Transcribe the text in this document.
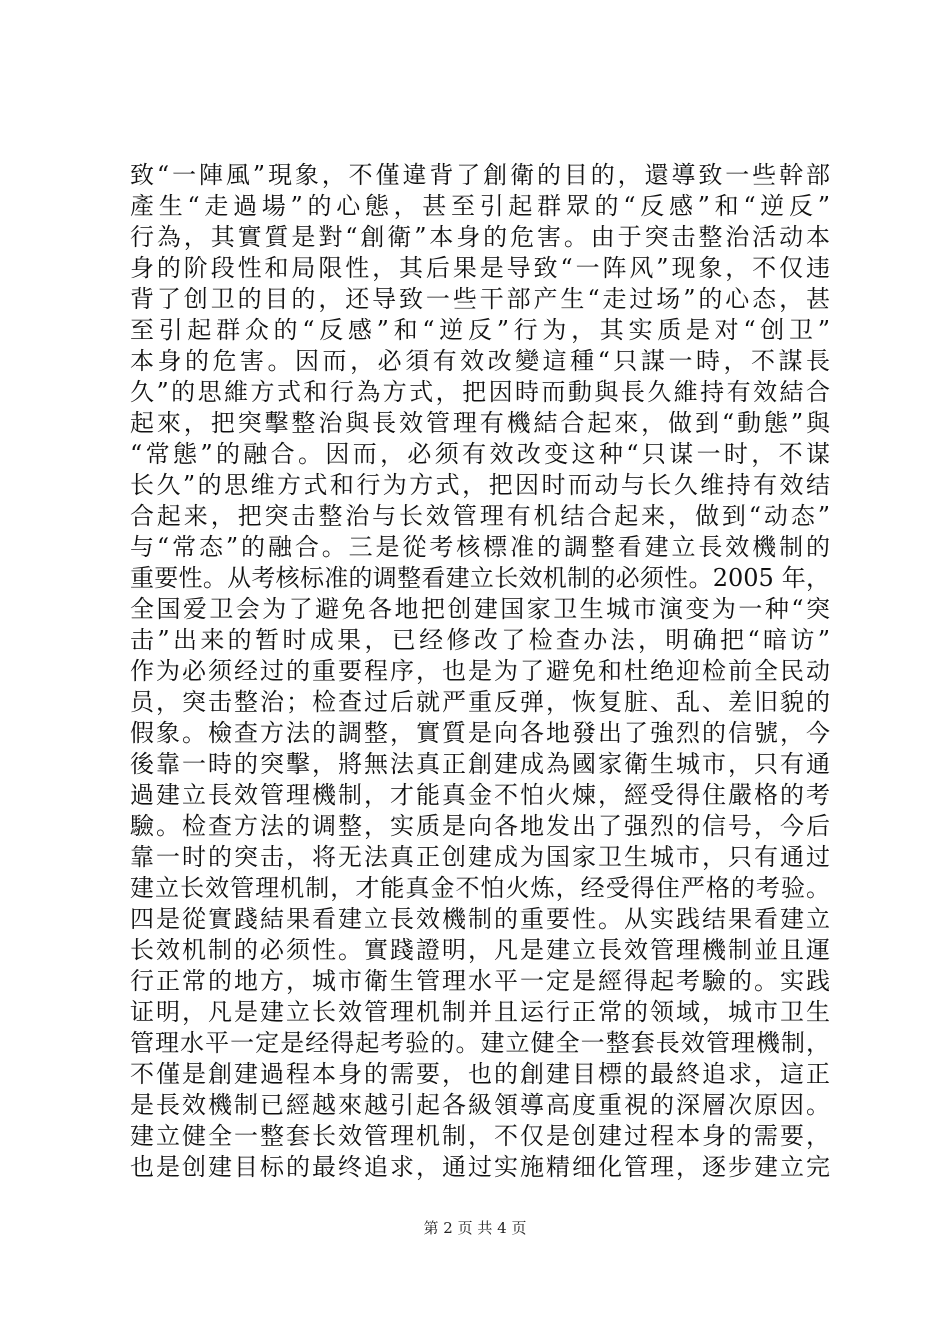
致“一陣風”現象，不僅違背了創衛的目的，還導致一些幹部
產生“走過場”的心態，甚至引起群眾的“反感”和“逆反”
行為，其實質是對“創衛”本身的危害。由于突击整治活动本
身的阶段性和局限性，其后果是导致“一阵风”现象，不仅违
背了创卫的目的，还导致一些干部产生“走过场”的心态，甚
至引起群众的“反感”和“逆反”行为，其实质是对“创卫”
本身的危害。因而，必須有效改變這種“只謀一時，不謀長
久”的思維方式和行為方式，把因時而動與長久維持有效結合
起來，把突擊整治與長效管理有機結合起來，做到“動態”與
“常態”的融合。因而，必须有效改变这种“只谋一时，不谋
长久”的思维方式和行为方式，把因时而动与长久维持有效结
合起来，把突击整治与长效管理有机结合起来，做到“动态”
与“常态”的融合。三是從考核標准的調整看建立長效機制的
重要性。从考核标准的调整看建立长效机制的必须性。2005 年，
全国爱卫会为了避免各地把创建国家卫生城市演变为一种“突
击”出来的暂时成果，已经修改了检查办法，明确把“暗访”
作为必须经过的重要程序，也是为了避免和杜绝迎检前全民动
员，突击整治；检查过后就严重反弹，恢复脏、乱、差旧貌的
假象。檢查方法的調整，實質是向各地發出了強烈的信號，今
後靠一時的突擊，將無法真正創建成為國家衛生城市，只有通
過建立長效管理機制，才能真金不怕火煉，經受得住嚴格的考
驗。检查方法的调整，实质是向各地发出了强烈的信号，今后
靠一时的突击，将无法真正创建成为国家卫生城市，只有通过
建立长效管理机制，才能真金不怕火炼，经受得住严格的考验。
四是從實踐結果看建立長效機制的重要性。从实践结果看建立
长效机制的必须性。實踐證明，凡是建立長效管理機制並且運
行正常的地方，城市衛生管理水平一定是經得起考驗的。实践
证明，凡是建立长效管理机制并且运行正常的领域，城市卫生
管理水平一定是经得起考验的。建立健全一整套長效管理機制，
不僅是創建過程本身的需要，也的創建目標的最終追求，這正
是長效機制已經越來越引起各級領導高度重視的深層次原因。
建立健全一整套长效管理机制，不仅是创建过程本身的需要，
也是创建目标的最终追求，通过实施精细化管理，逐步建立完
第 2 页 共 4 页
